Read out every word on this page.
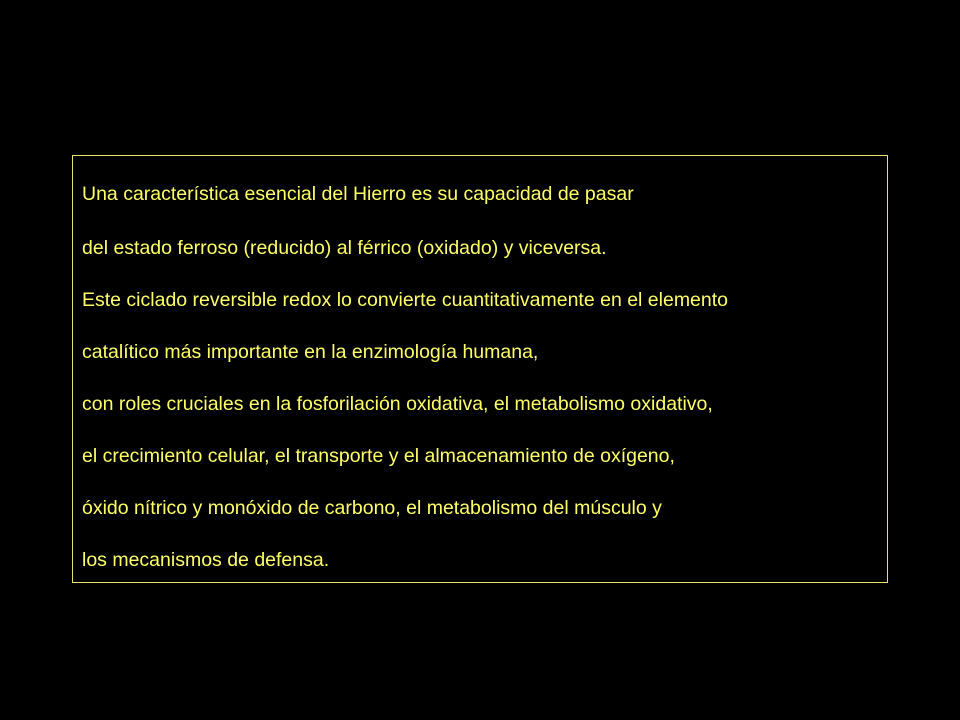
Una característica esencial del Hierro es su capacidad de pasar

del estado ferroso (reducido) al férrico (oxidado) y viceversa.

Este ciclado reversible redox lo convierte cuantitativamente en el elemento

catalítico más importante en la enzimología humana,

con roles cruciales en la fosforilación oxidativa, el metabolismo oxidativo,

el crecimiento celular, el transporte y el almacenamiento de oxígeno,

óxido nítrico y monóxido de carbono, el metabolismo del músculo y

los mecanismos de defensa.
